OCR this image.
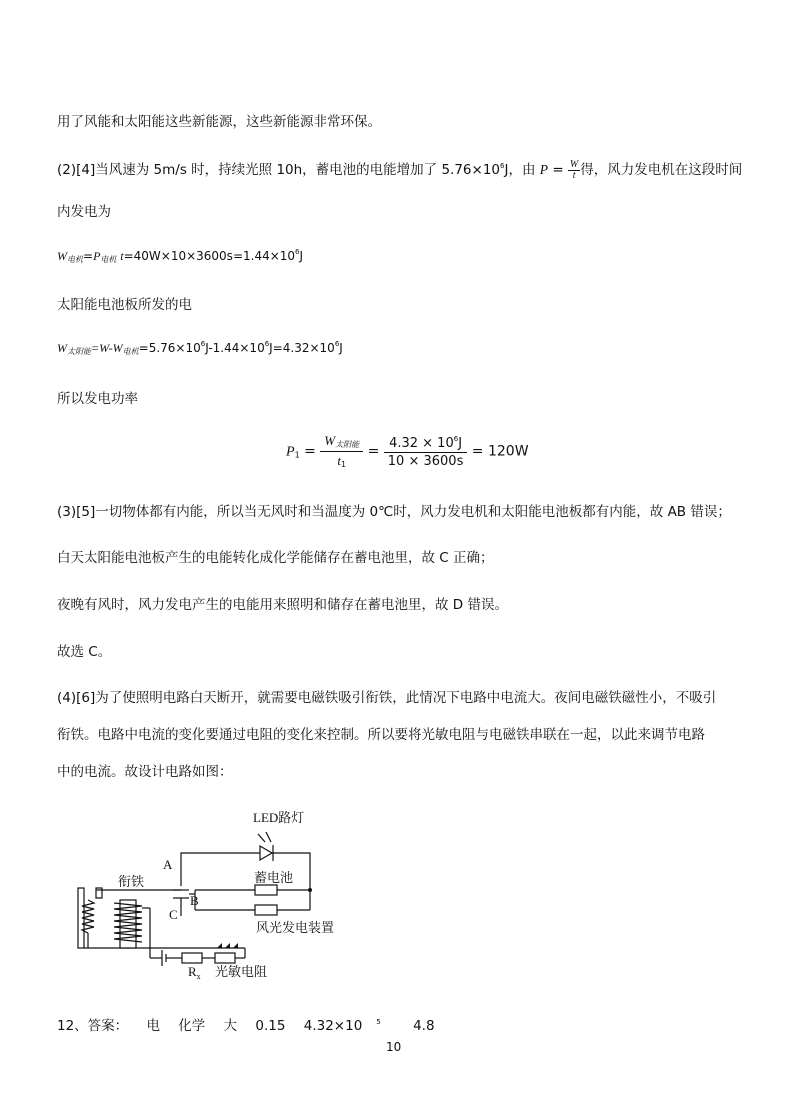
用了风能和太阳能这些新能源，这些新能源非常环保。
(2)[4]当风速为 5m/s 时，持续光照 10h，蓄电池的电能增加了 $5.76\times 10^6J$，由 $P = \frac{W}{t}$ 得，风力发电机在这段时间
内发电为
$W_{电机}=P_{电机}$ $t=40W\times 10\times 3600s=1.44\times 10^6J$
太阳能电池板所发的电
$W_{太阳能}=W-W_{电机}=5.76\times 10^6J-1.44\times 10^6J=4.32\times 10^6J$
所以发电功率
$P_1 = \frac{W_{太阳能}}{t_1} = \frac{4.32 \times 10^6J}{10 \times 3600s} = 120W$
(3)[5]一切物体都有内能，所以当无风时和当温度为 0℃时，风力发电机和太阳能电池板都有内能，故 AB 错误；
白天太阳能电池板产生的电能转化成化学能储存在蓄电池里，故 C 正确；
夜晚有风时，风力发电产生的电能用来照明和储存在蓄电池里，故 D 错误。
故选 C。
(4)[6]为了使照明电路白天断开，就需要电磁铁吸引衔铁，此情况下电路中电流大。夜间电磁铁磁性小，不吸引
衔铁。电路中电流的变化要通过电阻的变化来控制。所以要将光敏电阻与电磁铁串联在一起，以此来调节电路
中的电流。故设计电路如图：
LED路灯
A
B
C
衔铁	蓄电池
风光发电装置
$R_x$ 光敏电阻
12、答案： 电 化学 大 0.15 4.32×10 $^5$ 4.8
10
